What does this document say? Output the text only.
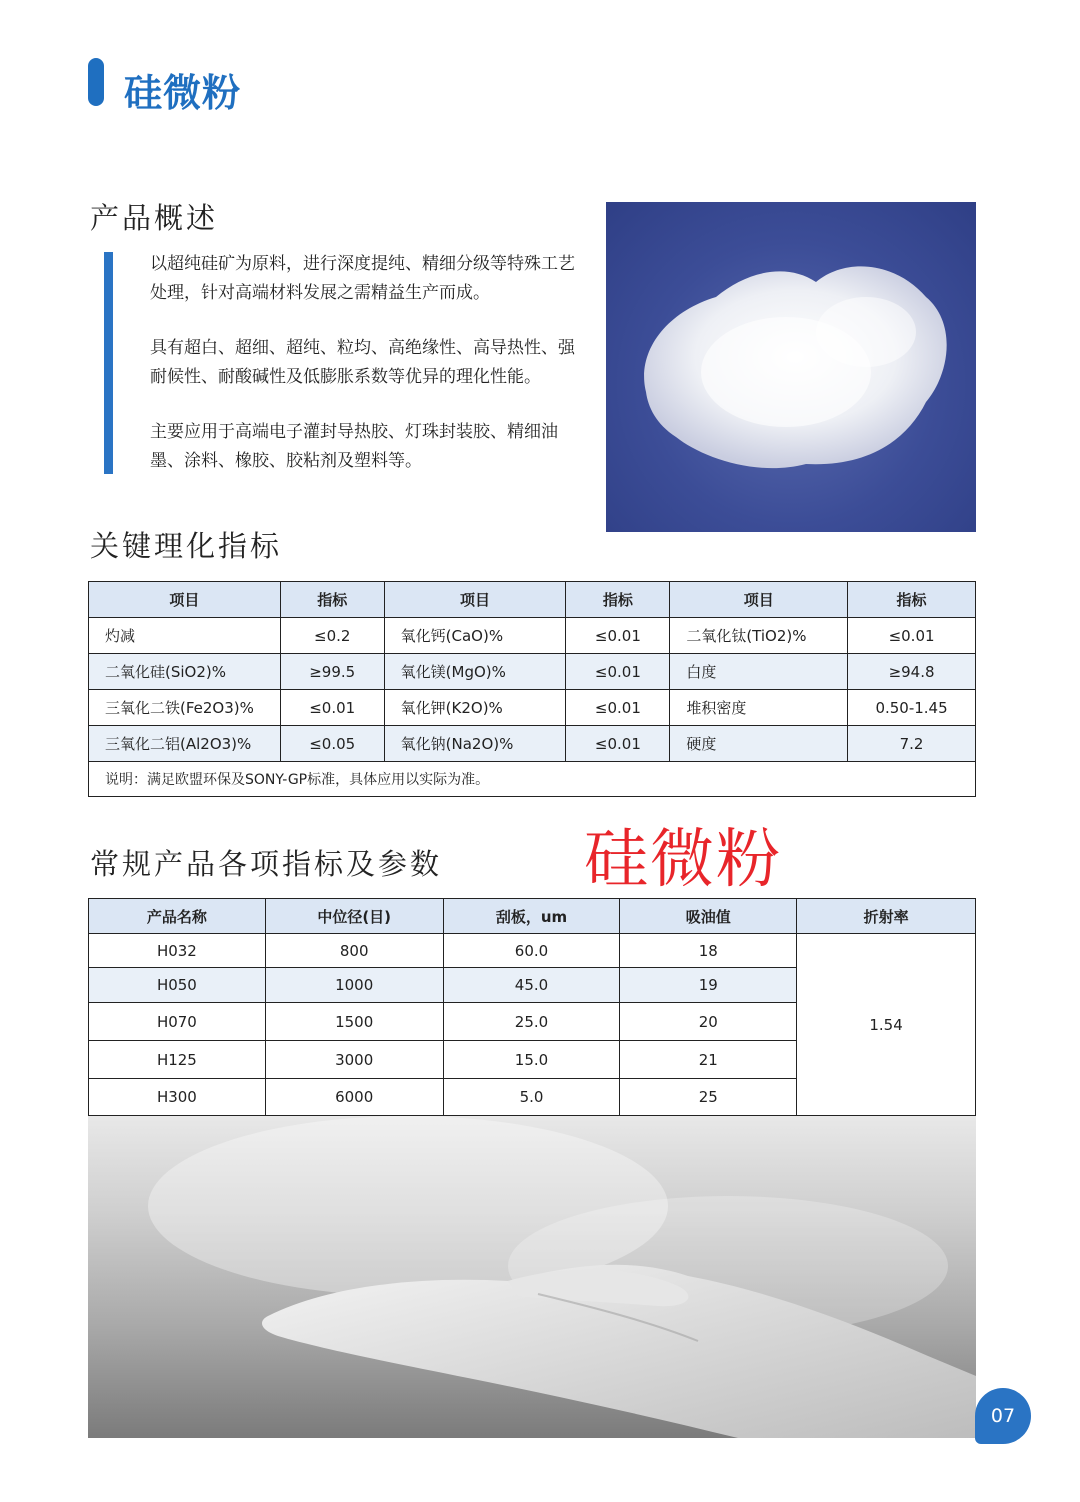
硅微粉
产品概述

以超纯硅矿为原料，进行深度提纯、精细分级等特殊工艺处理，针对高端材料发展之需精益生产而成。

具有超白、超细、超纯、粒均、高绝缘性、高导热性、强耐候性、耐酸碱性及低膨胀系数等优异的理化性能。

主要应用于高端电子灌封导热胶、灯珠封装胶、精细油墨、涂料、橡胶、胶粘剂及塑料等。

关键理化指标
项目	指标	项目	指标	项目	指标
灼减	≤0.2	氧化钙(CaO)%	≤0.01	二氧化钛(TiO2)%	≤0.01
二氧化硅(SiO2)%	≥99.5	氧化镁(MgO)%	≤0.01	白度	≥94.8
三氧化二铁(Fe2O3)%	≤0.01	氧化钾(K2O)%	≤0.01	堆积密度	0.50-1.45
三氧化二铝(Al2O3)%	≤0.05	氧化钠(Na2O)%	≤0.01	硬度	7.2
说明：满足欧盟环保及SONY-GP标准，具体应用以实际为准。					
常规产品各项指标及参数 硅微粉
产品名称	中位径(目)	刮板，um	吸油值	折射率
H032	800	60.0	18	1.54
H050	1000	45.0	19	
H070	1500	25.0	20	
H125	3000	15.0	21	
H300	6000	5.0	25	
07
